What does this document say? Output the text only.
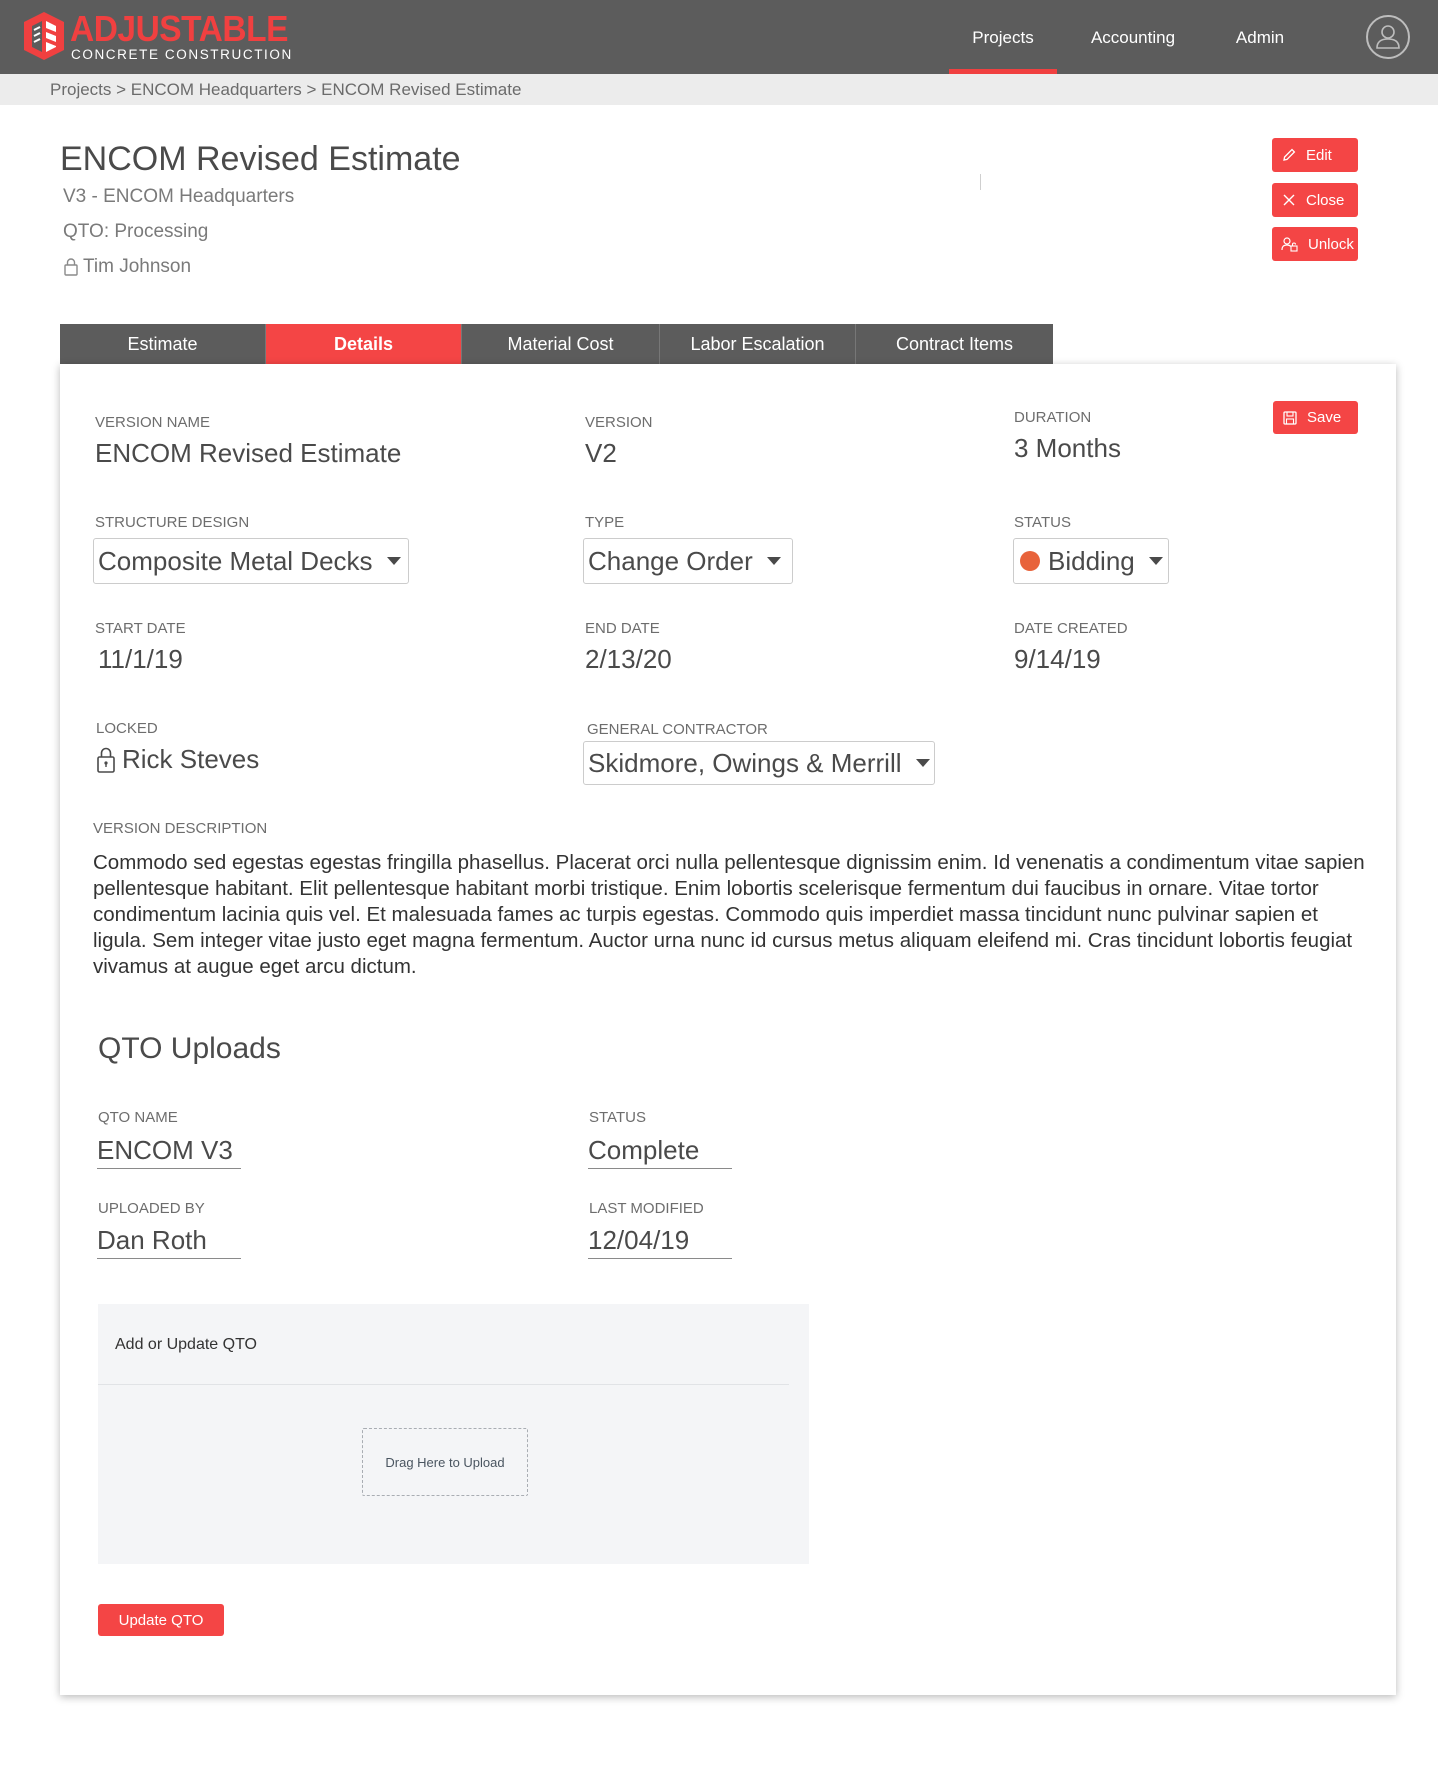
ADJUSTABLE
CONCRETE CONSTRUCTION
Projects	Accounting	Admin
Projects > ENCOM Headquarters > ENCOM Revised Estimate
ENCOM Revised Estimate
V3 - ENCOM Headquarters
QTO: Processing
Tim Johnson
Edit
Close
Unlock
Estimate	Details	Material Cost	Labor Escalation	Contract Items
Save
VERSION NAME
ENCOM Revised Estimate
VERSION
V2
DURATION
3 Months
STRUCTURE DESIGN
Composite Metal Decks
TYPE
Change Order
STATUS
Bidding
START DATE
11/1/19
END DATE
2/13/20
DATE CREATED
9/14/19
LOCKED
Rick Steves
GENERAL CONTRACTOR
Skidmore, Owings & Merrill
VERSION DESCRIPTION
Commodo sed egestas egestas fringilla phasellus. Placerat orci nulla pellentesque dignissim enim. Id venenatis a condimentum vitae sapien pellentesque habitant. Elit pellentesque habitant morbi tristique. Enim lobortis scelerisque fermentum dui faucibus in ornare. Vitae tortor condimentum lacinia quis vel. Et malesuada fames ac turpis egestas. Commodo quis imperdiet massa tincidunt nunc pulvinar sapien et ligula. Sem integer vitae justo eget magna fermentum. Auctor urna nunc id cursus metus aliquam eleifend mi. Cras tincidunt lobortis feugiat vivamus at augue eget arcu dictum.
QTO Uploads
QTO NAME
ENCOM V3
STATUS
Complete
UPLOADED BY
Dan Roth
LAST MODIFIED
12/04/19
Add or Update QTO
Drag Here to Upload
Update QTO
